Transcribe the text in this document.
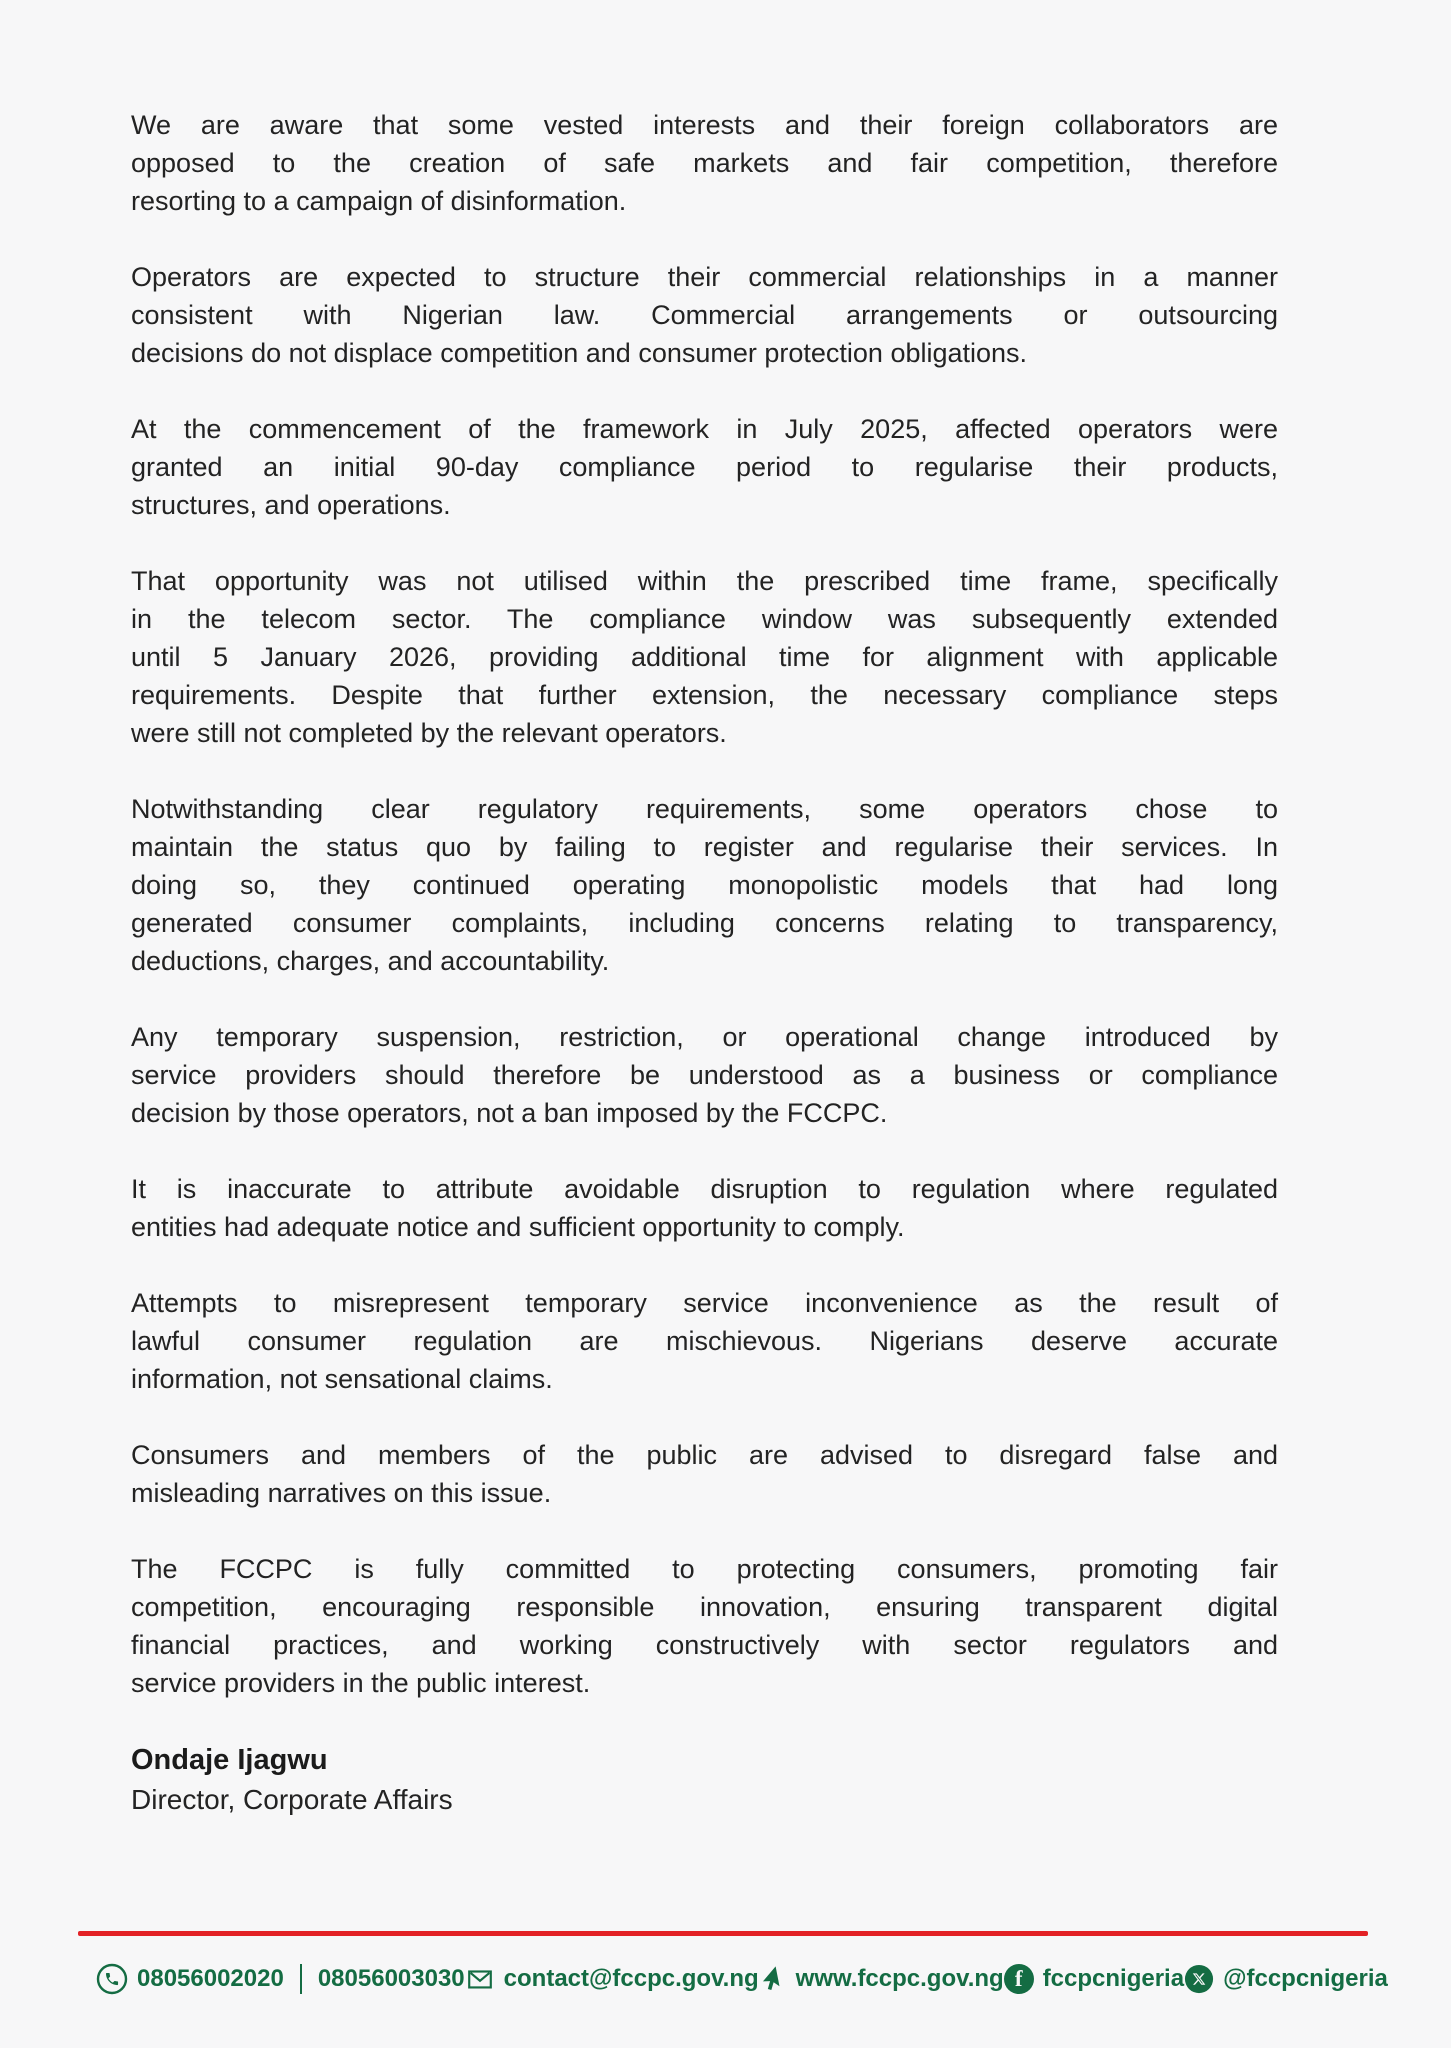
We are aware that some vested interests and their foreign collaborators are
opposed to the creation of safe markets and fair competition, therefore
resorting to a campaign of disinformation.

Operators are expected to structure their commercial relationships in a manner
consistent with Nigerian law. Commercial arrangements or outsourcing
decisions do not displace competition and consumer protection obligations.

At the commencement of the framework in July 2025, affected operators were
granted an initial 90-day compliance period to regularise their products,
structures, and operations.

That opportunity was not utilised within the prescribed time frame, specifically
in the telecom sector. The compliance window was subsequently extended
until 5 January 2026, providing additional time for alignment with applicable
requirements. Despite that further extension, the necessary compliance steps
were still not completed by the relevant operators.

Notwithstanding clear regulatory requirements, some operators chose to
maintain the status quo by failing to register and regularise their services. In
doing so, they continued operating monopolistic models that had long
generated consumer complaints, including concerns relating to transparency,
deductions, charges, and accountability.

Any temporary suspension, restriction, or operational change introduced by
service providers should therefore be understood as a business or compliance
decision by those operators, not a ban imposed by the FCCPC.

It is inaccurate to attribute avoidable disruption to regulation where regulated
entities had adequate notice and sufficient opportunity to comply.

Attempts to misrepresent temporary service inconvenience as the result of
lawful consumer regulation are mischievous. Nigerians deserve accurate
information, not sensational claims.

Consumers and members of the public are advised to disregard false and
misleading narratives on this issue.

The FCCPC is fully committed to protecting consumers, promoting fair
competition, encouraging responsible innovation, ensuring transparent digital
financial practices, and working constructively with sector regulators and
service providers in the public interest.

Ondaje Ijagwu
Director, Corporate Affairs
08056002020 08056003030 contact@fccpc.gov.ng www.fccpc.gov.ng f fccpcnigeria @fccpcnigeria
